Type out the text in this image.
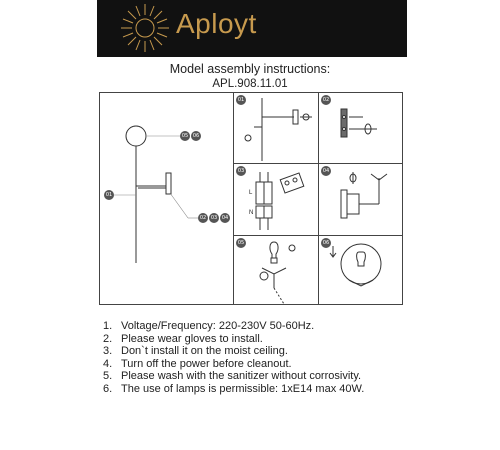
Aployt
Model assembly instructions:
APL.908.11.01
05 06
01
02 03 04
01	02
03
L
N
04
05	06
1. Voltage/Frequency: 220-230V 50-60Hz.
2. Please wear gloves to install.
3. Don`t install it on the moist ceiling.
4. Turn off the power before cleanout.
5. Please wash with the sanitizer without corrosivity.
6. The use of lamps is permissible: 1xE14 max 40W.
